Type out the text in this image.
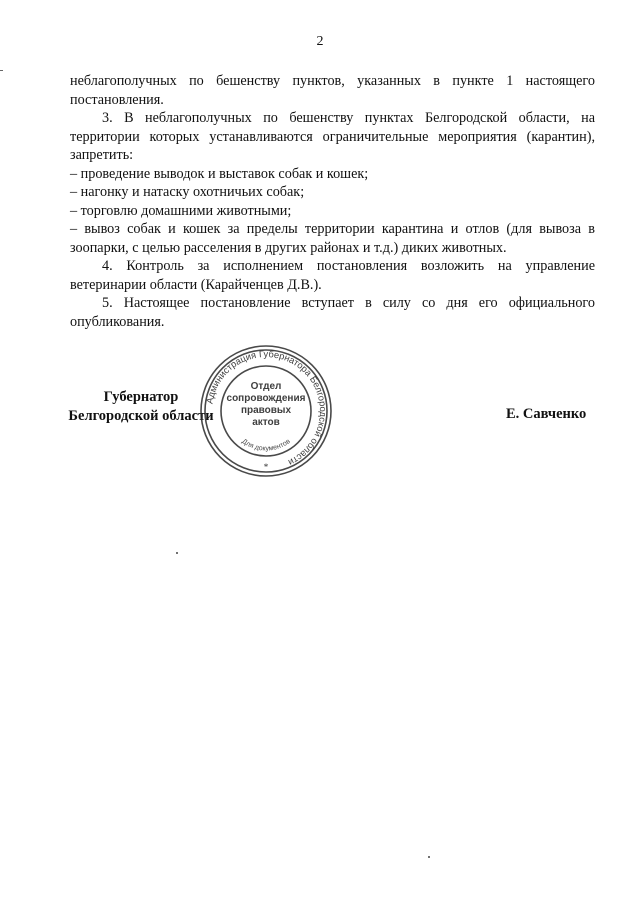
2

неблагополучных по бешенству пунктов, указанных в пункте 1 настоящего постановления.

3. В неблагополучных по бешенству пунктах Белгородской области, на территории которых устанавливаются ограничительные мероприятия (карантин), запретить:

– проведение выводок и выставок собак и кошек;

– нагонку и натаску охотничьих собак;

– торговлю домашними животными;

– вывоз собак и кошек за пределы территории карантина и отлов (для вывоза в зоопарки, с целью расселения в других районах и т.д.) диких животных.

4. Контроль за исполнением постановления возложить на управление ветеринарии области (Карайченцев Д.В.).

5. Настоящее постановление вступает в силу со дня его официального опубликования.

Губернатор
Белгородской области
Администрация Губернатора Белгородской области
Отдел
сопровождения
правовых
актов
Для документов
*
Е. Савченко
